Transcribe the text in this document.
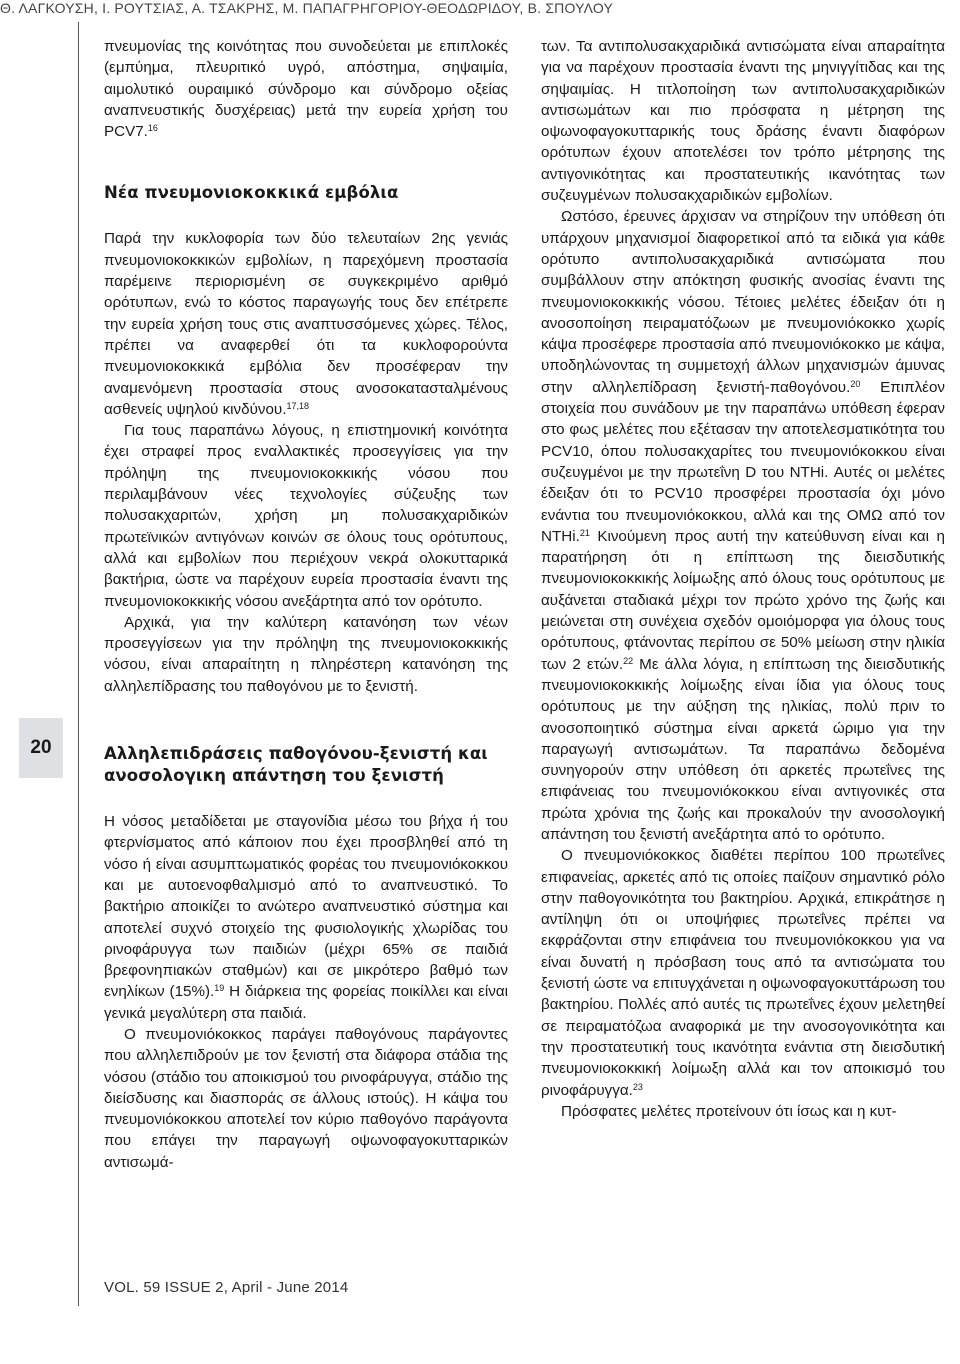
Θ. ΛΑΓΚΟΥΣΗ, Ι. ΡΟΥΤΣΙΑΣ, Α. ΤΣΑΚΡΗΣ, Μ. ΠΑΠΑΓΡΗΓΟΡΙΟΥ-ΘΕΟΔΩΡΙΔΟΥ, Β. ΣΠΟΥΛΟΥ
20

πνευμονίας της κοινότητας που συνοδεύεται με επιπλοκές (εμπύημα, πλευριτικό υγρό, απόστημα, σηψαιμία, αιμολυτικό ουραιμικό σύνδρομο και σύνδρομο οξείας αναπνευστικής δυσχέρειας) μετά την ευρεία χρήση του PCV7.16

Νέα πνευμονιοκοκκικά εμβόλια

Παρά την κυκλοφορία των δύο τελευταίων 2ης γενιάς πνευμονιοκοκκικών εμβολίων, η παρεχόμενη προστασία παρέμεινε περιορισμένη σε συγκεκριμένο αριθμό ορότυπων, ενώ το κόστος παραγωγής τους δεν επέτρεπε την ευρεία χρήση τους στις αναπτυσσόμενες χώρες. Τέλος, πρέπει να αναφερθεί ότι τα κυκλοφορούντα πνευμονιοκοκκικά εμβόλια δεν προσέφεραν την αναμενόμενη προστασία στους ανοσοκατασταλμένους ασθενείς υψηλού κινδύνου.$^{17,18}$

Για τους παραπάνω λόγους, η επιστημονική κοινότητα έχει στραφεί προς εναλλακτικές προσεγγίσεις για την πρόληψη της πνευμονιοκοκκικής νόσου που περιλαμβάνουν νέες τεχνολογίες σύζευξης των πολυσακχαριτών, χρήση μη πολυσακχαριδικών πρωτεϊνικών αντιγόνων κοινών σε όλους τους ορότυπους, αλλά και εμβολίων που περιέχουν νεκρά ολοκυτταρικά βακτήρια, ώστε να παρέχουν ευρεία προστασία έναντι της πνευμονιοκοκκικής νόσου ανεξάρτητα από τον ορότυπο.

Αρχικά, για την καλύτερη κατανόηση των νέων προσεγγίσεων για την πρόληψη της πνευμονιοκοκκικής νόσου, είναι απαραίτητη η πληρέστερη κατανόηση της αλληλεπίδρασης του παθογόνου με το ξενιστή.

Αλληλεπιδράσεις παθογόνου-ξενιστή και ανοσολογικη απάντηση του ξενιστή

Η νόσος μεταδίδεται με σταγονίδια μέσω του βήχα ή του φτερνίσματος από κάποιον που έχει προσβληθεί από τη νόσο ή είναι ασυμπτωματικός φορέας του πνευμονιόκοκκου και με αυτοενοφθαλμισμό από το αναπνευστικό. Το βακτήριο αποικίζει το ανώτερο αναπνευστικό σύστημα και αποτελεί συχνό στοιχείο της φυσιολογικής χλωρίδας του ρινοφάρυγγα των παιδιών (μέχρι 65% σε παιδιά βρεφονηπιακών σταθμών) και σε μικρότερο βαθμό των ενηλίκων (15%).$^{19}$ Η διάρκεια της φορείας ποικίλλει και είναι γενικά μεγαλύτερη στα παιδιά.

Ο πνευμονιόκοκκος παράγει παθογόνους παράγοντες που αλληλεπιδρούν με τον ξενιστή στα διάφορα στάδια της νόσου (στάδιο του αποικισμού του ρινοφάρυγγα, στάδιο της διείσδυσης και διασποράς σε άλλους ιστούς). Η κάψα του πνευμονιόκοκκου αποτελεί τον κύριο παθογόνο παράγοντα που επάγει την παραγωγή οψωνοφαγοκυτταρικών αντισωμά-

των. Τα αντιπολυσακχαριδικά αντισώματα είναι απαραίτητα για να παρέχουν προστασία έναντι της μηνιγγίτιδας και της σηψαιμίας. Η τιτλοποίηση των αντιπολυσακχαριδικών αντισωμάτων και πιο πρόσφατα η μέτρηση της οψωνοφαγοκυτταρικής τους δράσης έναντι διαφόρων ορότυπων έχουν αποτελέσει τον τρόπο μέτρησης της αντιγονικότητας και προστατευτικής ικανότητας των συζευγμένων πολυσακχαριδικών εμβολίων.

Ωστόσο, έρευνες άρχισαν να στηρίζουν την υπόθεση ότι υπάρχουν μηχανισμοί διαφορετικοί από τα ειδικά για κάθε ορότυπο αντιπολυσακχαριδικά αντισώματα που συμβάλλουν στην απόκτηση φυσικής ανοσίας έναντι της πνευμονιοκοκκικής νόσου. Τέτοιες μελέτες έδειξαν ότι η ανοσοποίηση πειραματόζωων με πνευμονιόκοκκο χωρίς κάψα προσέφερε προστασία από πνευμονιόκοκκο με κάψα, υποδηλώνοντας τη συμμετοχή άλλων μηχανισμών άμυνας στην αλληλεπίδραση ξενιστή-παθογόνου.$^{20}$ Επιπλέον στοιχεία που συνάδουν με την παραπάνω υπόθεση έφεραν στο φως μελέτες που εξέτασαν την αποτελεσματικότητα του PCV10, όπου πολυσακχαρίτες του πνευμονιόκοκκου είναι συζευγμένοι με την πρωτεΐνη D του NTHi. Αυτές οι μελέτες έδειξαν ότι το PCV10 προσφέρει προστασία όχι μόνο ενάντια του πνευμονιόκοκκου, αλλά και της ΟΜΩ από τον NTHi.$^{21}$ Κινούμενη προς αυτή την κατεύθυνση είναι και η παρατήρηση ότι η επίπτωση της διεισδυτικής πνευμονιοκοκκικής λοίμωξης από όλους τους ορότυπους με αυξάνεται σταδιακά μέχρι τον πρώτο χρόνο της ζωής και μειώνεται στη συνέχεια σχεδόν ομοιόμορφα για όλους τους ορότυπους, φτάνοντας περίπου σε 50% μείωση στην ηλικία των 2 ετών.$^{22}$ Με άλλα λόγια, η επίπτωση της διεισδυτικής πνευμονιοκοκκικής λοίμωξης είναι ίδια για όλους τους ορότυπους με την αύξηση της ηλικίας, πολύ πριν το ανοσοποιητικό σύστημα είναι αρκετά ώριμο για την παραγωγή αντισωμάτων. Τα παραπάνω δεδομένα συνηγορούν στην υπόθεση ότι αρκετές πρωτεΐνες της επιφάνειας του πνευμονιόκοκκου είναι αντιγονικές στα πρώτα χρόνια της ζωής και προκαλούν την ανοσολογική απάντηση του ξενιστή ανεξάρτητα από το ορότυπο.

Ο πνευμονιόκοκκος διαθέτει περίπου 100 πρωτεΐνες επιφανείας, αρκετές από τις οποίες παίζουν σημαντικό ρόλο στην παθογονικότητα του βακτηρίου. Αρχικά, επικράτησε η αντίληψη ότι οι υποψήφιες πρωτεΐνες πρέπει να εκφράζονται στην επιφάνεια του πνευμονιόκοκκου για να είναι δυνατή η πρόσβαση τους από τα αντισώματα του ξενιστή ώστε να επιτυγχάνεται η οψωνοφαγοκυττάρωση του βακτηρίου. Πολλές από αυτές τις πρωτεΐνες έχουν μελετηθεί σε πειραματόζωα αναφορικά με την ανοσογονικότητα και την προστατευτική τους ικανότητα ενάντια στη διεισδυτική πνευμονιοκοκκική λοίμωξη αλλά και τον αποικισμό του ρινοφάρυγγα.$^{23}$

Πρόσφατες μελέτες προτείνουν ότι ίσως και η κυτ-

VOL. 59 ISSUE 2, April - June 2014
